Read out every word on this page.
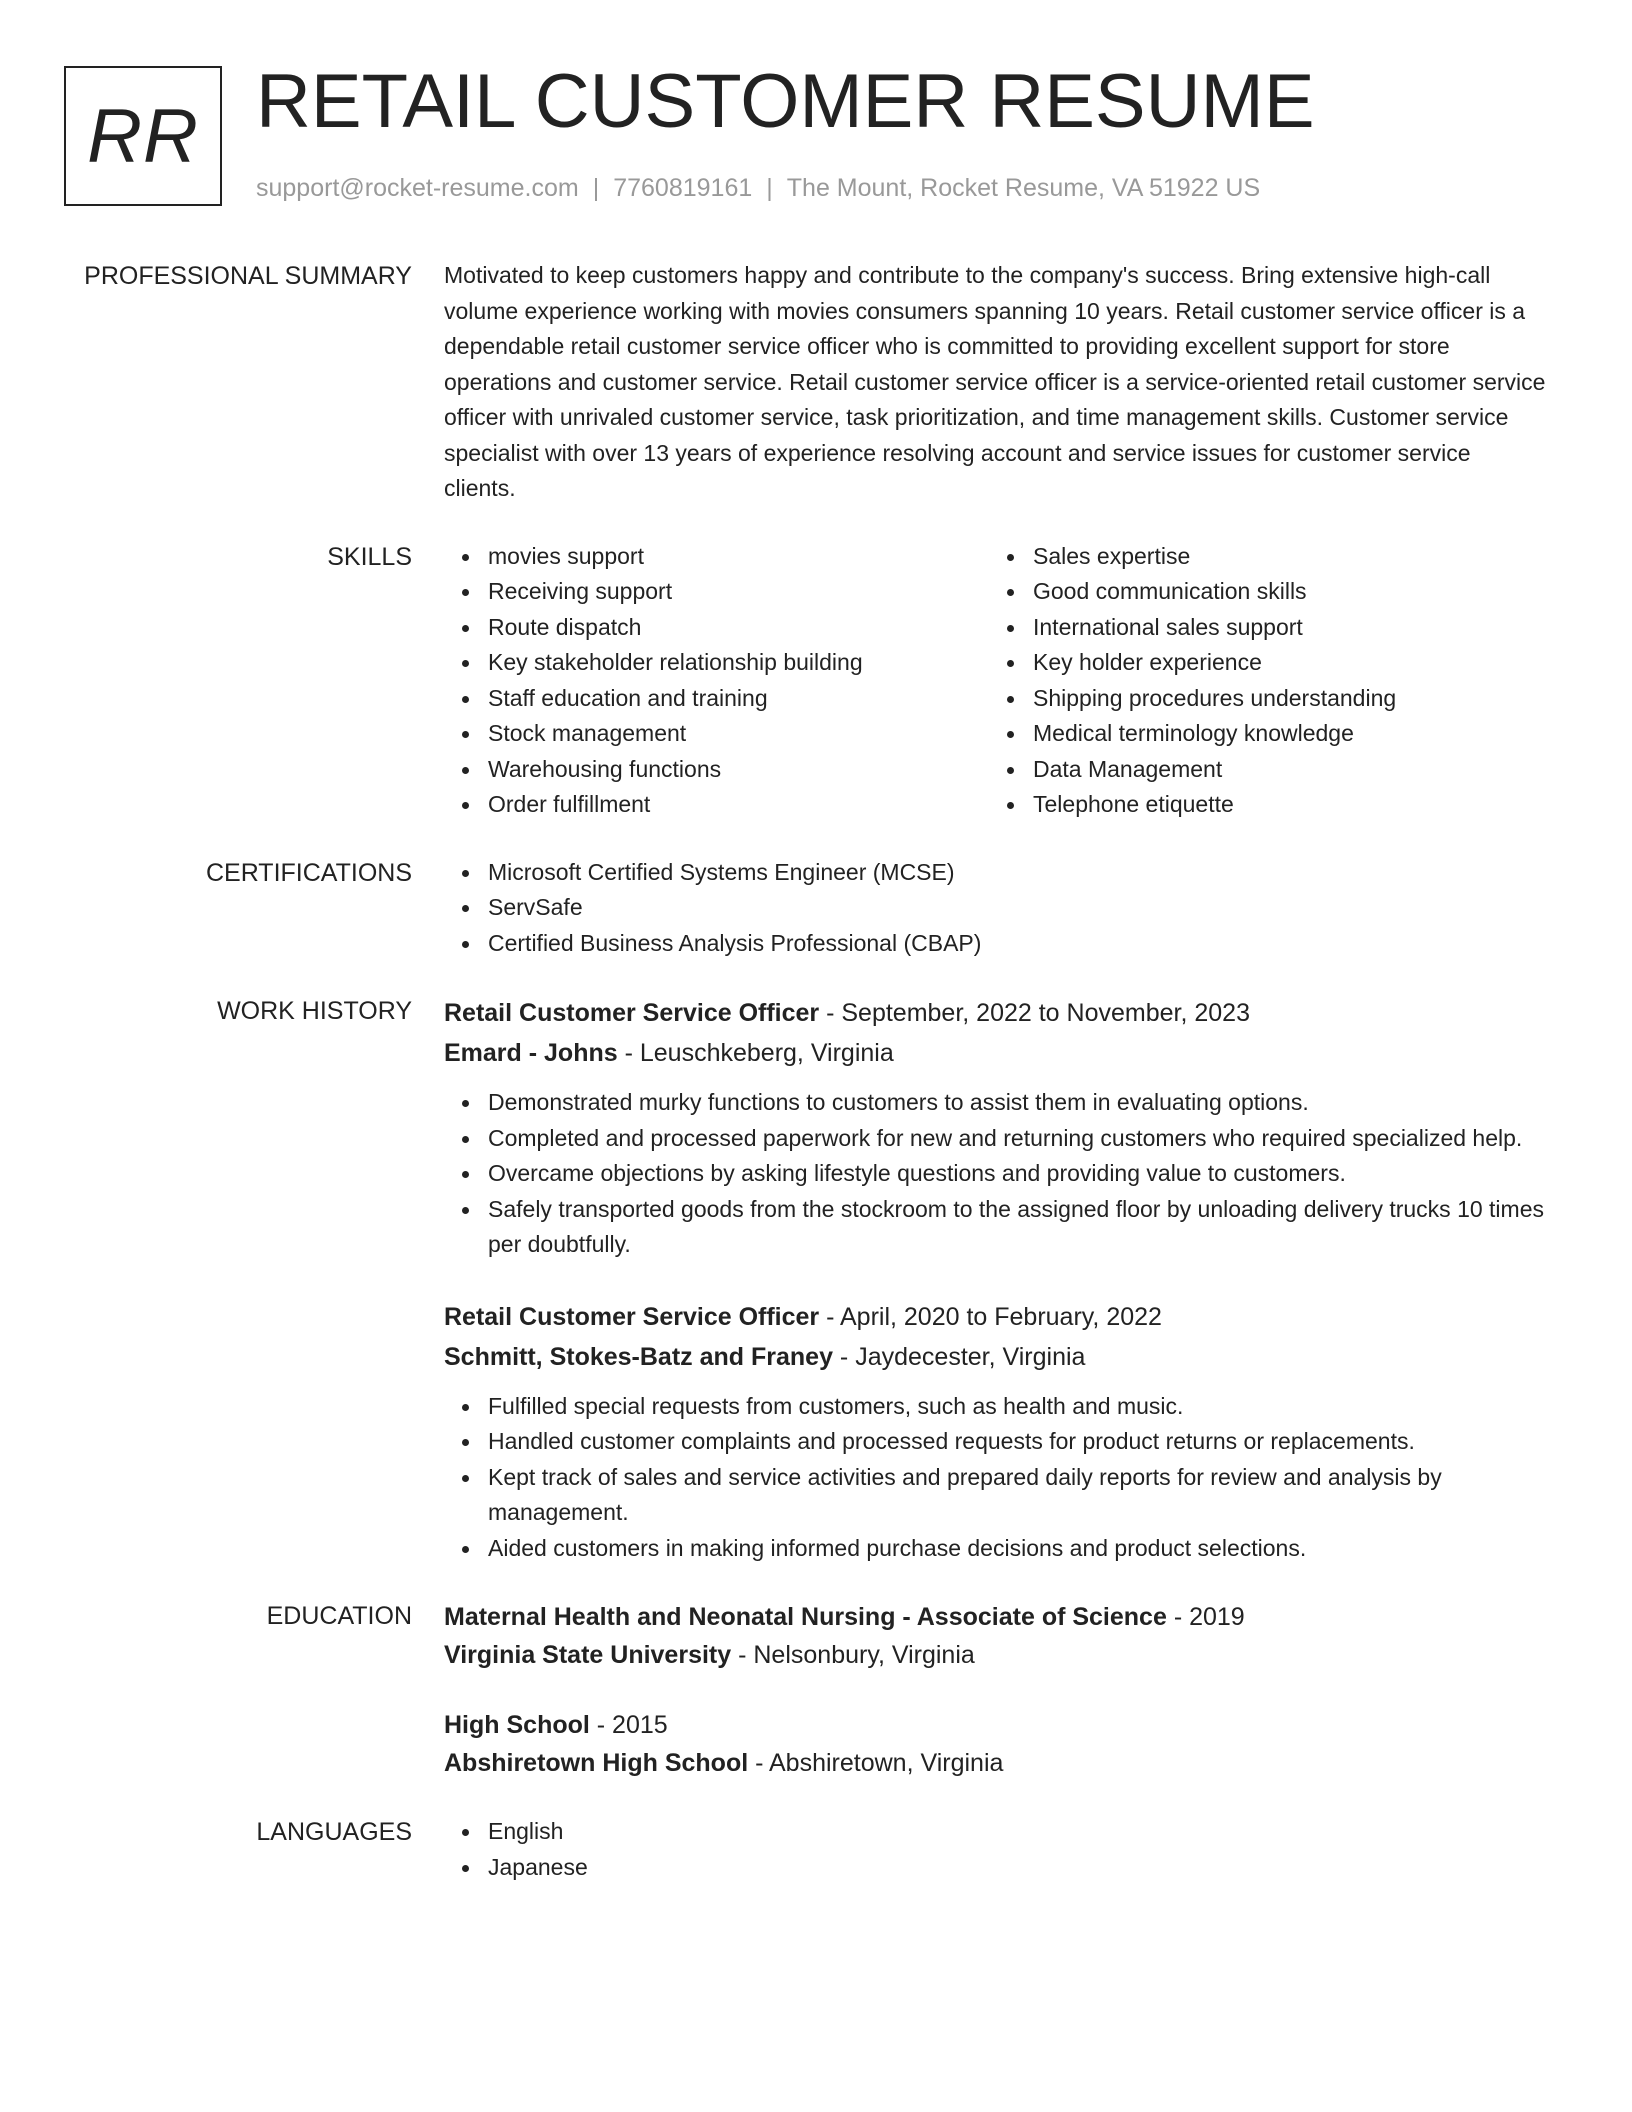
RR RETAIL CUSTOMER RESUME
support@rocket-resume.com | 7760819161 | The Mount, Rocket Resume, VA 51922 US
PROFESSIONAL SUMMARY Motivated to keep customers happy and contribute to the company's success. Bring extensive high-call volume experience working with movies consumers spanning 10 years. Retail customer service officer is a dependable retail customer service officer who is committed to providing excellent support for store operations and customer service. Retail customer service officer is a service-oriented retail customer service officer with unrivaled customer service, task prioritization, and time management skills. Customer service specialist with over 13 years of experience resolving account and service issues for customer service clients.

SKILLS	movies support
Receiving support
Route dispatch
Key stakeholder relationship building
Staff education and training
Stock management
Warehousing functions
Order fulfillment
Sales expertise
Good communication skills
International sales support
Key holder experience
Shipping procedures understanding
Medical terminology knowledge
Data Management
Telephone etiquette
CERTIFICATIONS	Microsoft Certified Systems Engineer (MCSE)
ServSafe
Certified Business Analysis Professional (CBAP)
WORK HISTORY Retail Customer Service Officer - September, 2022 to November, 2023
Emard - Johns - Leuschkeberg, Virginia
Demonstrated murky functions to customers to assist them in evaluating options.
Completed and processed paperwork for new and returning customers who required specialized help.
Overcame objections by asking lifestyle questions and providing value to customers.
Safely transported goods from the stockroom to the assigned floor by unloading delivery trucks 10 times per doubtfully.
Retail Customer Service Officer - April, 2020 to February, 2022
Schmitt, Stokes-Batz and Franey - Jaydecester, Virginia
Fulfilled special requests from customers, such as health and music.
Handled customer complaints and processed requests for product returns or replacements.
Kept track of sales and service activities and prepared daily reports for review and analysis by management.
Aided customers in making informed purchase decisions and product selections.
EDUCATION Maternal Health and Neonatal Nursing - Associate of Science - 2019
Virginia State University - Nelsonbury, Virginia
High School - 2015
Abshiretown High School - Abshiretown, Virginia
LANGUAGES	English
Japanese
